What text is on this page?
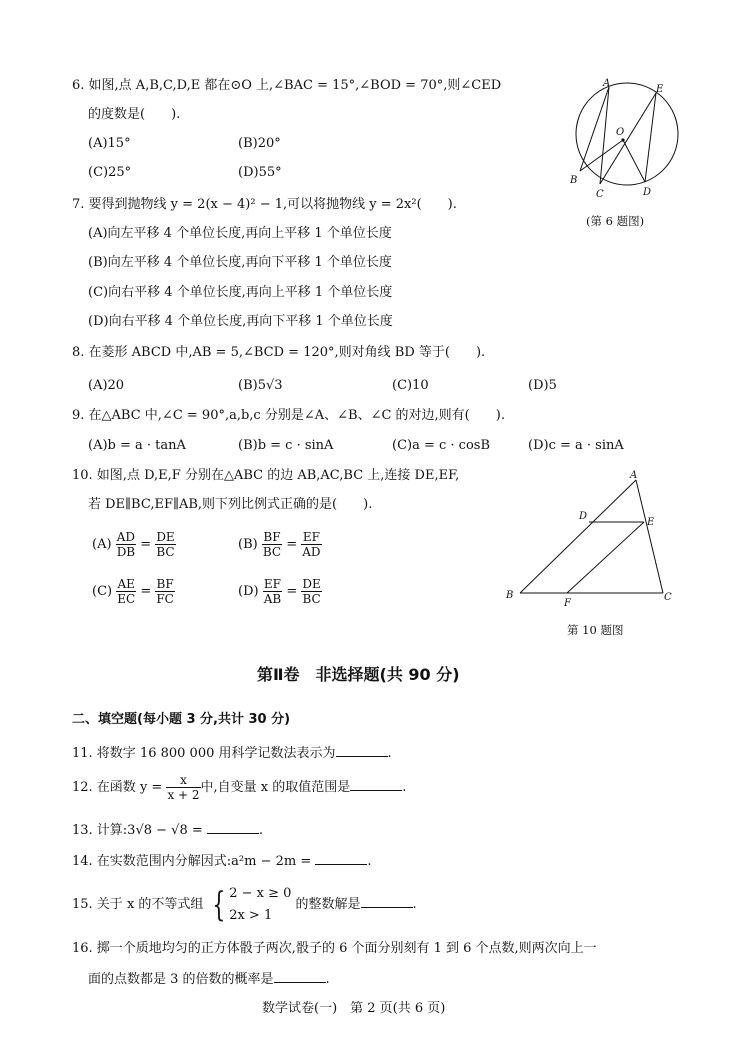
6. 如图,点 A,B,C,D,E 都在⊙O 上,∠BAC = 15°,∠BOD = 70°,则∠CED
的度数是(　　).
(A)15°	(B)20°
(C)25°	(D)55°
A
E
O
B
C	D
(第 6 题图)
7. 要得到抛物线 y = 2(x − 4)² − 1,可以将抛物线 y = 2x²(　　).
(A)向左平移 4 个单位长度,再向上平移 1 个单位长度
(B)向左平移 4 个单位长度,再向下平移 1 个单位长度
(C)向右平移 4 个单位长度,再向上平移 1 个单位长度
(D)向右平移 4 个单位长度,再向下平移 1 个单位长度
8. 在菱形 ABCD 中,AB = 5,∠BCD = 120°,则对角线 BD 等于(　　).
(A)20	(B)5√3	(C)10	(D)5
9. 在△ABC 中,∠C = 90°,a,b,c 分别是∠A、∠B、∠C 的对边,则有(　　).
(A)b = a · tanA	(B)b = c · sinA	(C)a = c · cosB	(D)c = a · sinA
10. 如图,点 D,E,F 分别在△ABC 的边 AB,AC,BC 上,连接 DE,EF,
若 DE∥BC,EF∥AB,则下列比例式正确的是(　　).
$(A) \frac{AD}{DB} = \frac{DE}{BC}$	$(B) \frac{BF}{BC} = \frac{EF}{AD}$
$(C) \frac{AE}{EC} = \frac{BF}{FC}$	$(D) \frac{EF}{AB} = \frac{DE}{BC}$
A
D
E
B
F
C
第 10 题图
第Ⅱ卷　非选择题(共 90 分)
二、填空题(每小题 3 分,共计 30 分)
11. 将数字 16 800 000 用科学记数法表示为	.
12. 在函数 $y = \frac{x}{x + 2}$ 中,自变量 x 的取值范围是	.
13. 计算:3√8 − √8 =	.
14. 在实数范围内分解因式:a²m − 2m =	.
15. 关于 x 的不等式组 { 2 − x ≥ 0
2x > 1
的整数解是	.
16. 掷一个质地均匀的正方体骰子两次,骰子的 6 个面分别刻有 1 到 6 个点数,则两次向上一
面的点数都是 3 的倍数的概率是	.
数学试卷(一)　第 2 页(共 6 页)
